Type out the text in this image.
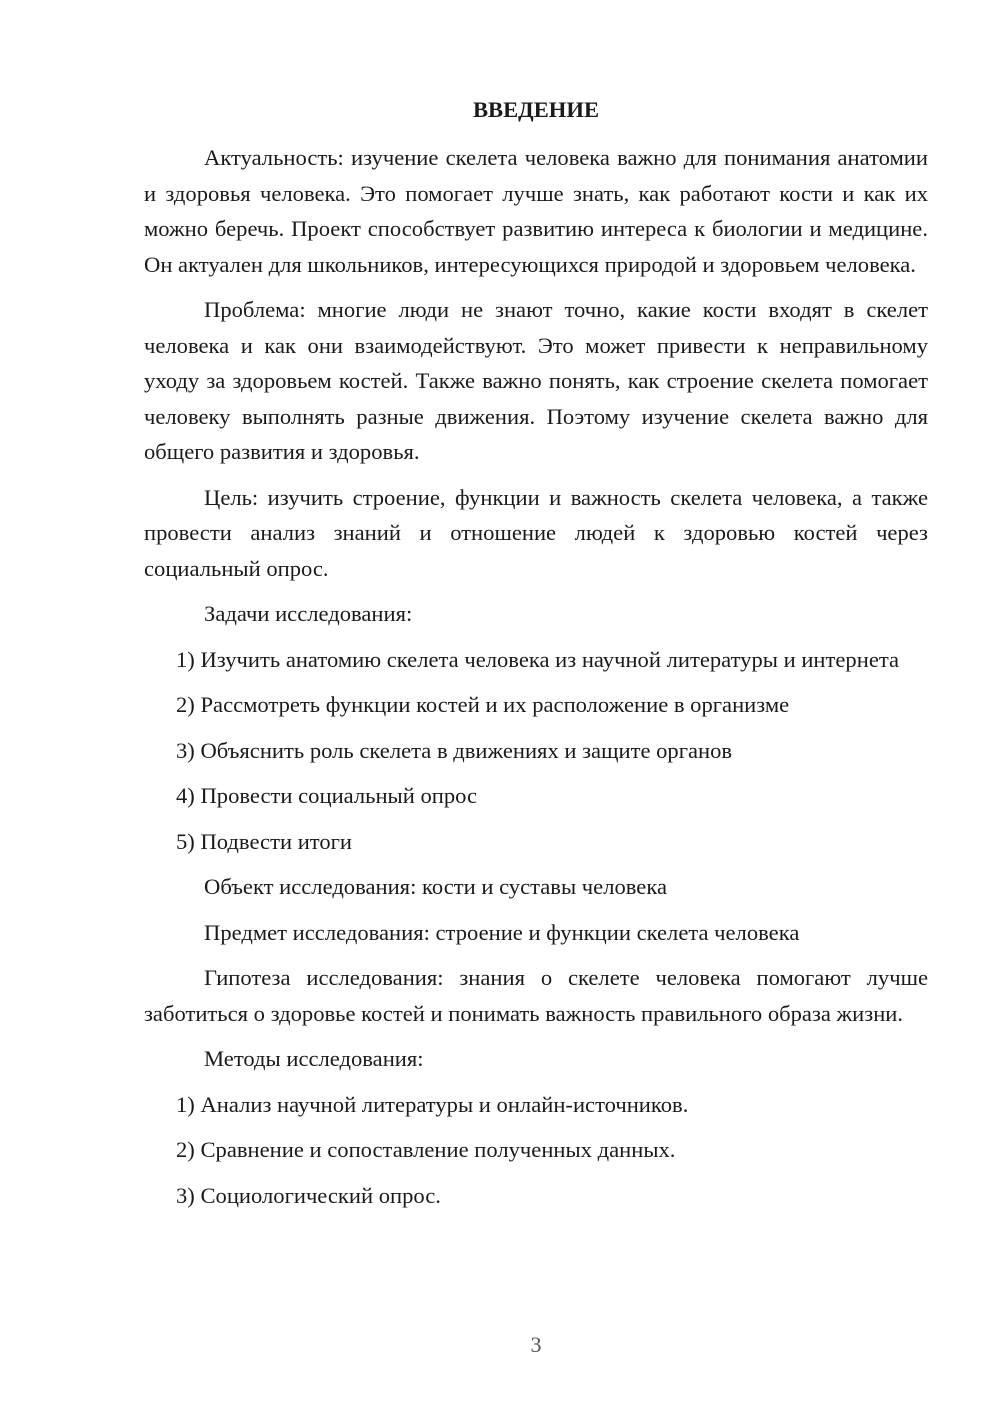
ВВЕДЕНИЕ

Актуальность: изучение скелета человека важно для понимания анатомии и здоровья человека. Это помогает лучше знать, как работают кости и как их можно беречь. Проект способствует развитию интереса к биологии и медицине. Он актуален для школьников, интересующихся природой и здоровьем человека.

Проблема: многие люди не знают точно, какие кости входят в скелет человека и как они взаимодействуют. Это может привести к неправильному уходу за здоровьем костей. Также важно понять, как строение скелета помогает человеку выполнять разные движения. Поэтому изучение скелета важно для общего развития и здоровья.

Цель: изучить строение, функции и важность скелета человека, а также провести анализ знаний и отношение людей к здоровью костей через социальный опрос.

Задачи исследования:

1) Изучить анатомию скелета человека из научной литературы и интернета

2) Рассмотреть функции костей и их расположение в организме

3) Объяснить роль скелета в движениях и защите органов

4) Провести социальный опрос

5) Подвести итоги

Объект исследования: кости и суставы человека

Предмет исследования: строение и функции скелета человека

Гипотеза исследования: знания о скелете человека помогают лучше заботиться о здоровье костей и понимать важность правильного образа жизни.

Методы исследования:

1) Анализ научной литературы и онлайн-источников.

2) Сравнение и сопоставление полученных данных.

3) Социологический опрос.

3
